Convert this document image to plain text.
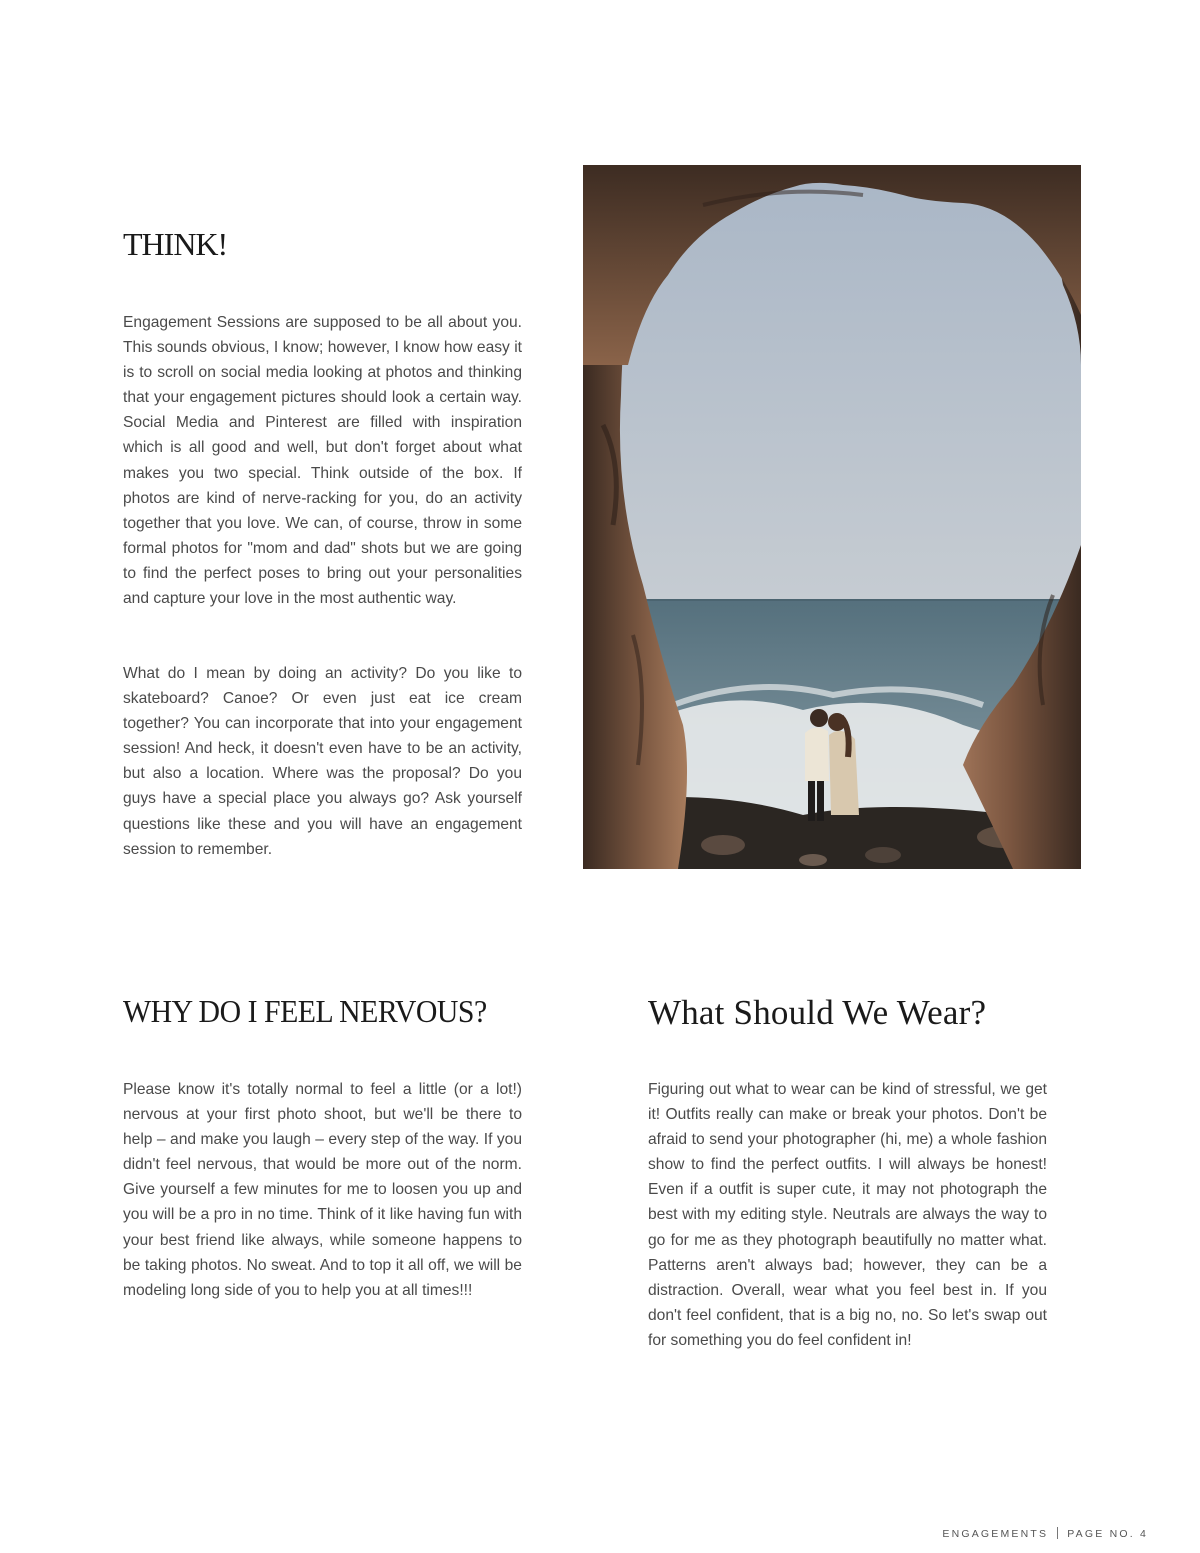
THINK!

Engagement Sessions are supposed to be all about you. This sounds obvious, I know; however, I know how easy it is to scroll on social media looking at photos and thinking that your engagement pictures should look a certain way. Social Media and Pinterest are filled with inspiration which is all good and well, but don't forget about what makes you two special. Think outside of the box. If photos are kind of nerve-racking for you, do an activity together that you love. We can, of course, throw in some formal photos for "mom and dad" shots but we are going to find the perfect poses to bring out your personalities and capture your love in the most authentic way.

What do I mean by doing an activity? Do you like to skateboard? Canoe? Or even just eat ice cream together? You can incorporate that into your engagement session! And heck, it doesn't even have to be an activity, but also a location. Where was the proposal? Do you guys have a special place you always go? Ask yourself questions like these and you will have an engagement session to remember.

WHY DO I FEEL NERVOUS?

Please know it's totally normal to feel a little (or a lot!) nervous at your first photo shoot, but we'll be there to help – and make you laugh – every step of the way. If you didn't feel nervous, that would be more out of the norm. Give yourself a few minutes for me to loosen you up and you will be a pro in no time. Think of it like having fun with your best friend like always, while someone happens to be taking photos. No sweat. And to top it all off, we will be modeling long side of you to help you at all times!!!

What Should We Wear?

Figuring out what to wear can be kind of stressful, we get it! Outfits really can make or break your photos. Don't be afraid to send your photographer (hi, me) a whole fashion show to find the perfect outfits. I will always be honest! Even if a outfit is super cute, it may not photograph the best with my editing style. Neutrals are always the way to go for me as they photograph beautifully no matter what. Patterns aren't always bad; however, they can be a distraction. Overall, wear what you feel best in. If you don't feel confident, that is a big no, no. So let's swap out for something you do feel confident in!

ENGAGEMENTS PAGE NO. 4
